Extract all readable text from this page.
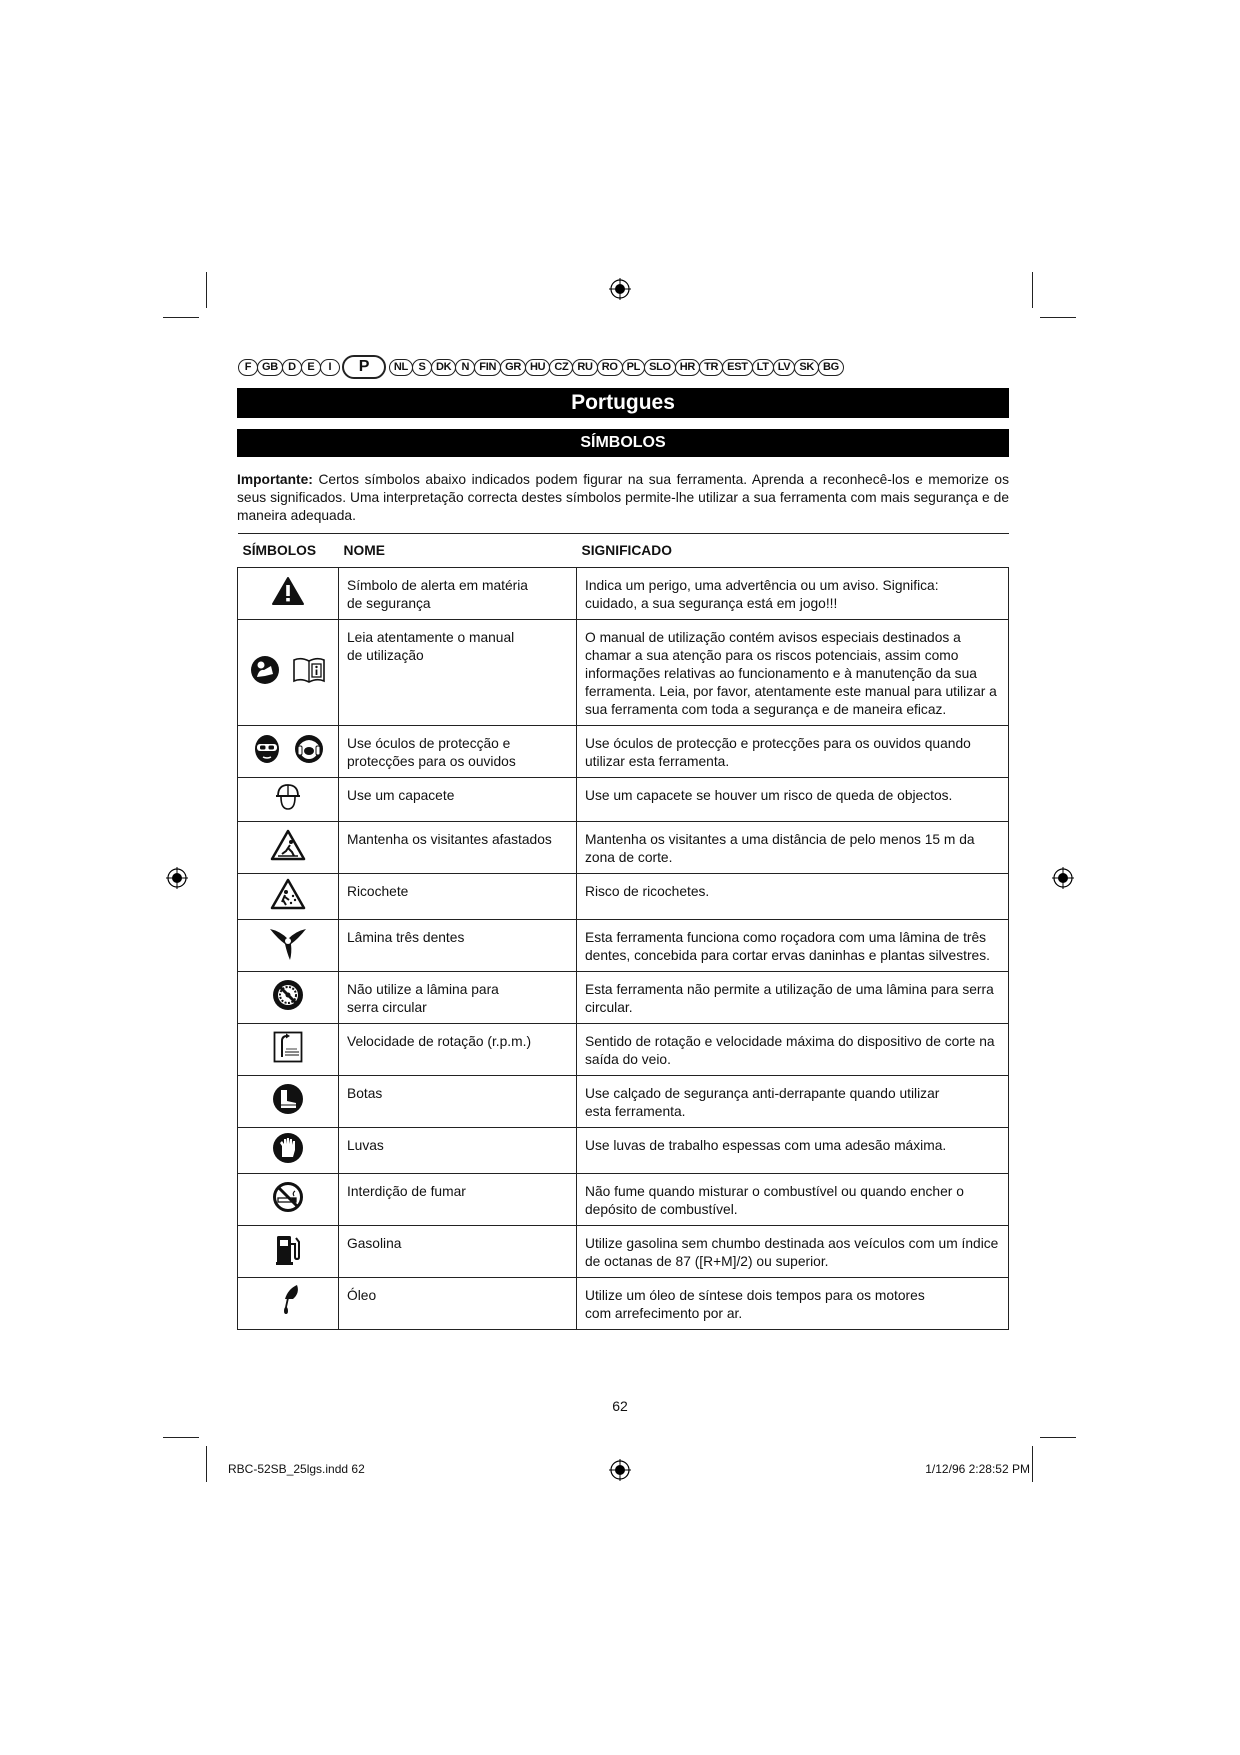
F GB D	E	I	P	NL S DK N FIN GR HU CZ RU RO PL SLO HR TR EST LT LV SK BG
Portugues
SÍMBOLOS
Importante: Certos símbolos abaixo indicados podem figurar na sua ferramenta. Aprenda a reconhecê-los e memorize os seus significados. Uma interpretação correcta destes símbolos permite-lhe utilizar a sua ferramenta com mais segurança e de maneira adequada.
SÍMBOLOS	NOME	SIGNIFICADO

	Símbolo de alerta em matéria
de segurança	Indica um perigo, uma advertência ou um aviso. Significa:
cuidado, a sua segurança está em jogo!!!

	Leia atentamente o manual
de utilização	O manual de utilização contém avisos especiais destinados a chamar a sua atenção para os riscos potenciais, assim como informações relativas ao funcionamento e à manutenção da sua ferramenta. Leia, por favor, atentamente este manual para utilizar a sua ferramenta com toda a segurança e de maneira eficaz.

	Use óculos de protecção e
protecções para os ouvidos	Use óculos de protecção e protecções para os ouvidos quando utilizar esta ferramenta.

	Use um capacete	Use um capacete se houver um risco de queda de objectos.

	Mantenha os visitantes afastados	Mantenha os visitantes a uma distância de pelo menos 15 m da zona de corte.

	Ricochete	Risco de ricochetes.

	Lâmina três dentes	Esta ferramenta funciona como roçadora com uma lâmina de três dentes, concebida para cortar ervas daninhas e plantas silvestres.

	Não utilize a lâmina para
serra circular	Esta ferramenta não permite a utilização de uma lâmina para serra circular.

	Velocidade de rotação (r.p.m.)	Sentido de rotação e velocidade máxima do dispositivo de corte na saída do veio.

	Botas	Use calçado de segurança anti-derrapante quando utilizar
esta ferramenta.

	Luvas	Use luvas de trabalho espessas com uma adesão máxima.

	Interdição de fumar	Não fume quando misturar o combustível ou quando encher o depósito de combustível.

	Gasolina	Utilize gasolina sem chumbo destinada aos veículos com um índice de octanas de 87 ([R+M]/2) ou superior.

	Óleo	Utilize um óleo de síntese dois tempos para os motores
com arrefecimento por ar.
62
RBC-52SB_25lgs.indd 62	1/12/96 2:28:52 PM
